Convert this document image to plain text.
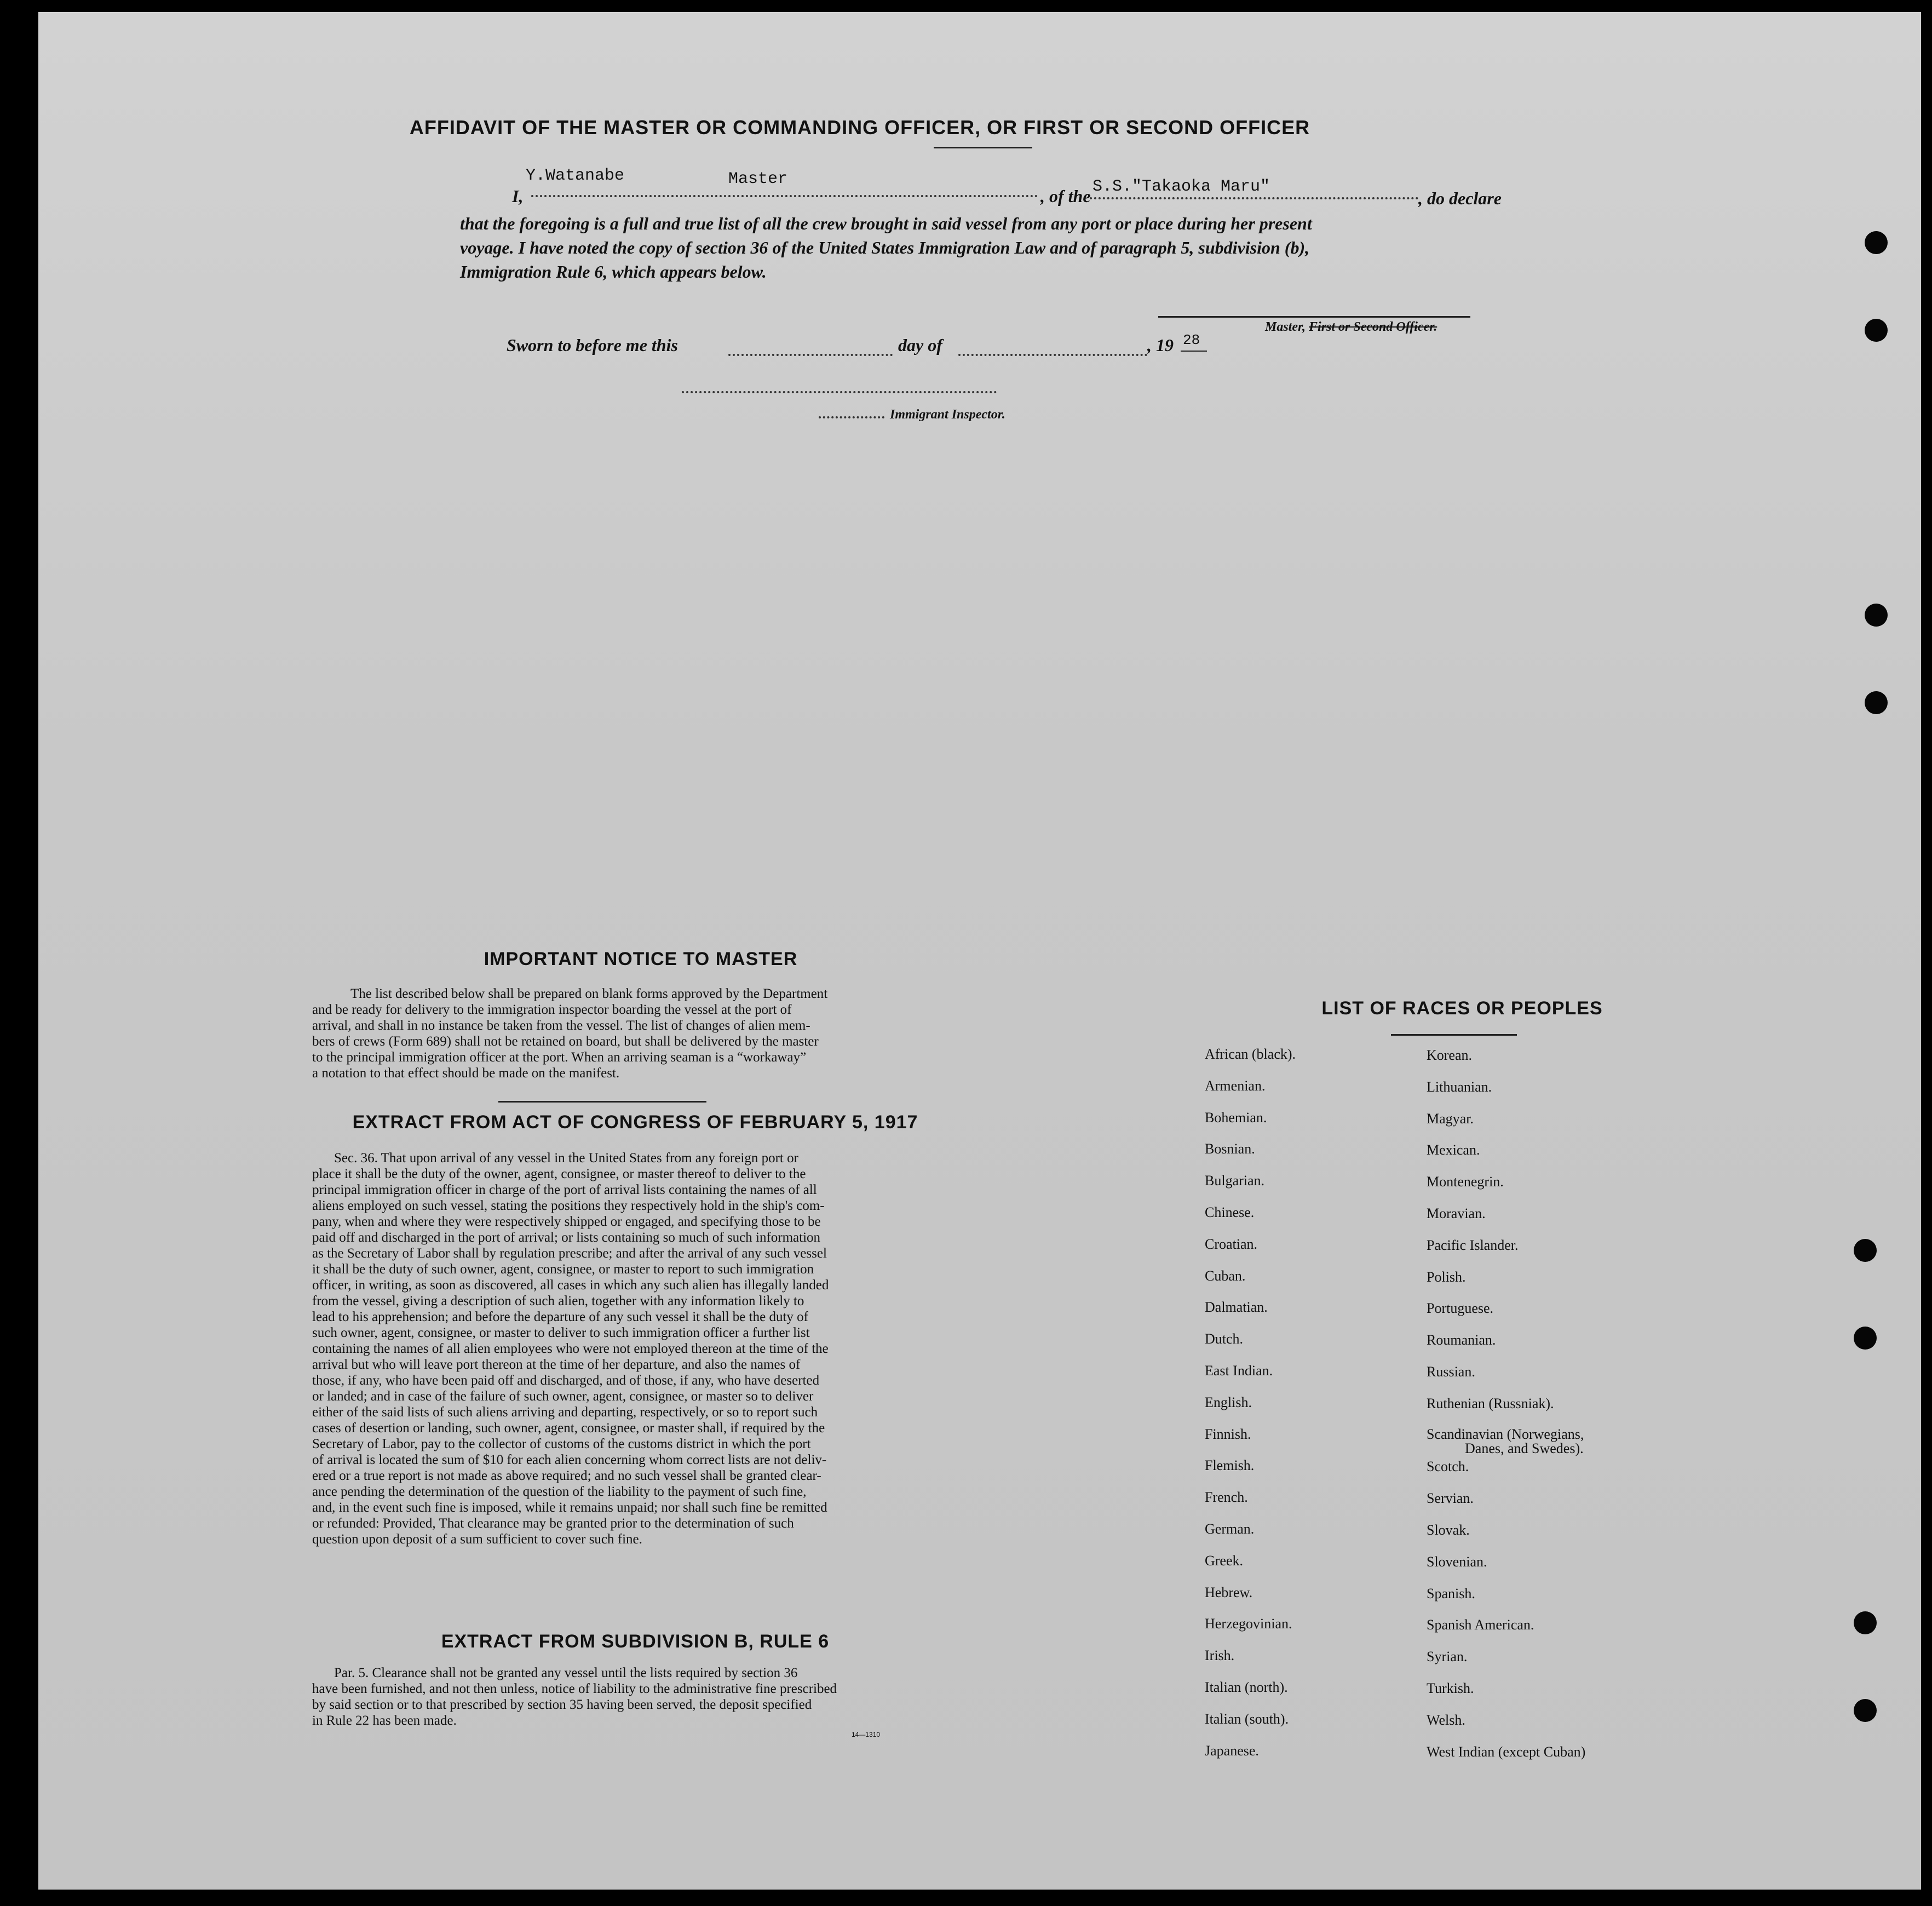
AFFIDAVIT OF THE MASTER OR COMMANDING OFFICER, OR FIRST OR SECOND OFFICER
I,
Y.Watanabe	Master
, of the S.S."Takaoka Maru"
, do declare
that the foregoing is a full and true list of all the crew brought in said vessel from any port or place during her present
voyage. I have noted the copy of section 36 of the United States Immigration Law and of paragraph 5, subdivision (b),
Immigration Rule 6, which appears below.
Master, First or Second Officer.
Sworn to before me this	day of	, 19 28
Immigrant Inspector.
IMPORTANT NOTICE TO MASTER
The list described below shall be prepared on blank forms approved by the Department
and be ready for delivery to the immigration inspector boarding the vessel at the port of
arrival, and shall in no instance be taken from the vessel. The list of changes of alien mem-
bers of crews (Form 689) shall not be retained on board, but shall be delivered by the master
to the principal immigration officer at the port. When an arriving seaman is a “workaway”
a notation to that effect should be made on the manifest.
EXTRACT FROM ACT OF CONGRESS OF FEBRUARY 5, 1917
Sec. 36. That upon arrival of any vessel in the United States from any foreign port or
place it shall be the duty of the owner, agent, consignee, or master thereof to deliver to the
principal immigration officer in charge of the port of arrival lists containing the names of all
aliens employed on such vessel, stating the positions they respectively hold in the ship's com-
pany, when and where they were respectively shipped or engaged, and specifying those to be
paid off and discharged in the port of arrival; or lists containing so much of such information
as the Secretary of Labor shall by regulation prescribe; and after the arrival of any such vessel
it shall be the duty of such owner, agent, consignee, or master to report to such immigration
officer, in writing, as soon as discovered, all cases in which any such alien has illegally landed
from the vessel, giving a description of such alien, together with any information likely to
lead to his apprehension; and before the departure of any such vessel it shall be the duty of
such owner, agent, consignee, or master to deliver to such immigration officer a further list
containing the names of all alien employees who were not employed thereon at the time of the
arrival but who will leave port thereon at the time of her departure, and also the names of
those, if any, who have been paid off and discharged, and of those, if any, who have deserted
or landed; and in case of the failure of such owner, agent, consignee, or master so to deliver
either of the said lists of such aliens arriving and departing, respectively, or so to report such
cases of desertion or landing, such owner, agent, consignee, or master shall, if required by the
Secretary of Labor, pay to the collector of customs of the customs district in which the port
of arrival is located the sum of $10 for each alien concerning whom correct lists are not deliv-
ered or a true report is not made as above required; and no such vessel shall be granted clear-
ance pending the determination of the question of the liability to the payment of such fine,
and, in the event such fine is imposed, while it remains unpaid; nor shall such fine be remitted
or refunded: Provided, That clearance may be granted prior to the determination of such
question upon deposit of a sum sufficient to cover such fine.
EXTRACT FROM SUBDIVISION B, RULE 6
Par. 5. Clearance shall not be granted any vessel until the lists required by section 36
have been furnished, and not then unless, notice of liability to the administrative fine prescribed
by said section or to that prescribed by section 35 having been served, the deposit specified
in Rule 22 has been made.
14—1310
LIST OF RACES OR PEOPLES
African (black).
Armenian.
Bohemian.
Bosnian.
Bulgarian.
Chinese.
Croatian.
Cuban.
Dalmatian.
Dutch.
East Indian.
English.
Finnish.
Flemish.
French.
German.
Greek.
Hebrew.
Herzegovinian.
Irish.
Italian (north).
Italian (south).
Japanese.
Korean.
Lithuanian.
Magyar.
Mexican.
Montenegrin.
Moravian.
Pacific Islander.
Polish.
Portuguese.
Roumanian.
Russian.
Ruthenian (Russniak).
Scandinavian (Norwegians,
Danes, and Swedes).
Scotch.
Servian.
Slovak.
Slovenian.
Spanish.
Spanish American.
Syrian.
Turkish.
Welsh.
West Indian (except Cuban)
